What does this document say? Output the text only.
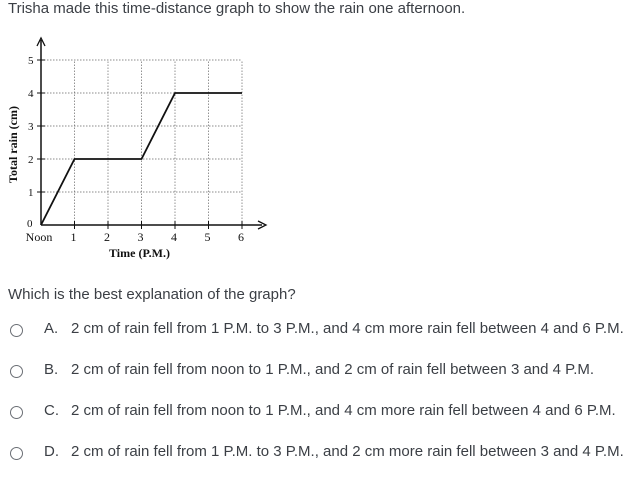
Trisha made this time-distance graph to show the rain one afternoon.
Noon 1 2 3 4 5 6
0
1
2
3
4
5
Time (P.M.)
Total rain (cm)
Which is the best explanation of the graph?
A. 2 cm of rain fell from 1 P.M. to 3 P.M., and 4 cm more rain fell between 4 and 6 P.M.
B. 2 cm of rain fell from noon to 1 P.M., and 2 cm of rain fell between 3 and 4 P.M.
C. 2 cm of rain fell from noon to 1 P.M., and 4 cm more rain fell between 4 and 6 P.M.
D. 2 cm of rain fell from 1 P.M. to 3 P.M., and 2 cm more rain fell between 3 and 4 P.M.
